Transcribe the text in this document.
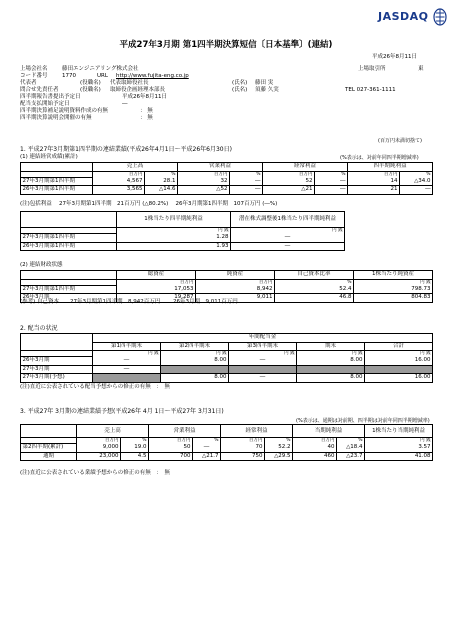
JASDAQ
平成27年3月期 第1四半期決算短信〔日本基準〕(連結)
平成26年8月11日
上場会社名	藤田エンジニアリング株式会社	上場取引所	東
コード番号	1770	URL http://www.fujita-eng.co.jp
代表者	(役職名) 代表取締役社長	(氏名) 藤田 実
問合せ先責任者	(役職名) 取締役企画経理本部長	(氏名) 須藤 久実	TEL 027-361-1111
四半期報告書提出予定日	平成26年8月11日
配当支払開始予定日	―
四半期決算補足説明資料作成の有無	： 無
四半期決算説明会開催の有無	： 無
(百万円未満切捨て)
1. 平成27年3月期第1四半期の連結業績(平成26年4月1日～平成26年6月30日)
(1) 連結経営成績(累計)	(%表示は、対前年同四半期増減率)
	売上高		営業利益		経常利益		四半期純利益	
	百万円	%	百万円	%	百万円	%	百万円	%
27年3月期第1四半期	4,567	28.1	32	―	52	―	14	△34.0
26年3月期第1四半期	3,565	△14.6	△52	―	△21	―	21	―
(注)包括利益　 27年3月期第1四半期　21百万円 (△80.2%)　 26年3月期第1四半期　107百万円 (―%)
	1株当たり四半期純利益	潜在株式調整後1株当たり四半期純利益
	円 銭	円 銭
27年3月期第1四半期	1.28	―
26年3月期第1四半期	1.93	―
(2) 連結財政状態
	総資産	純資産	自己資本比率	1株当たり純資産
	百万円	百万円	%	円 銭
27年3月期第1四半期	17,053	8,942	52.4	798.73
26年3月期	19,287	9,011	46.8	804.83
(参考) 自己資本　　27年3月期第1四半期　8,942百万円　　 26年3月期　9,011百万円
2. 配当の状況
	年間配当金				
	第1四半期末	第2四半期末	第3四半期末	期末	合計
	円 銭	円 銭	円 銭	円 銭	円 銭
26年3月期	―	8.00	―	8.00	16.00
27年3月期	―				
27年3月期(予想)		8.00	―	8.00	16.00
(注)直近に公表されている配当予想からの修正の有無　：　無
3. 平成27年 3月期の連結業績予想(平成26年 4月 1日～平成27年 3月31日)
(%表示は、通期は対前期、四半期は対前年同四半期増減率)
	売上高		営業利益		経常利益		当期純利益		1株当たり当期純利益
	百万円	%	百万円	%	百万円	%	百万円	%	円 銭
第2四半期(累計)	9,000	19.0	50	―	70	52.2	40	△18.4	3.57
通期	23,000	4.5	700	△21.7	750	△29.5	460	△23.7	41.08
(注)直近に公表されている業績予想からの修正の有無　：　無
